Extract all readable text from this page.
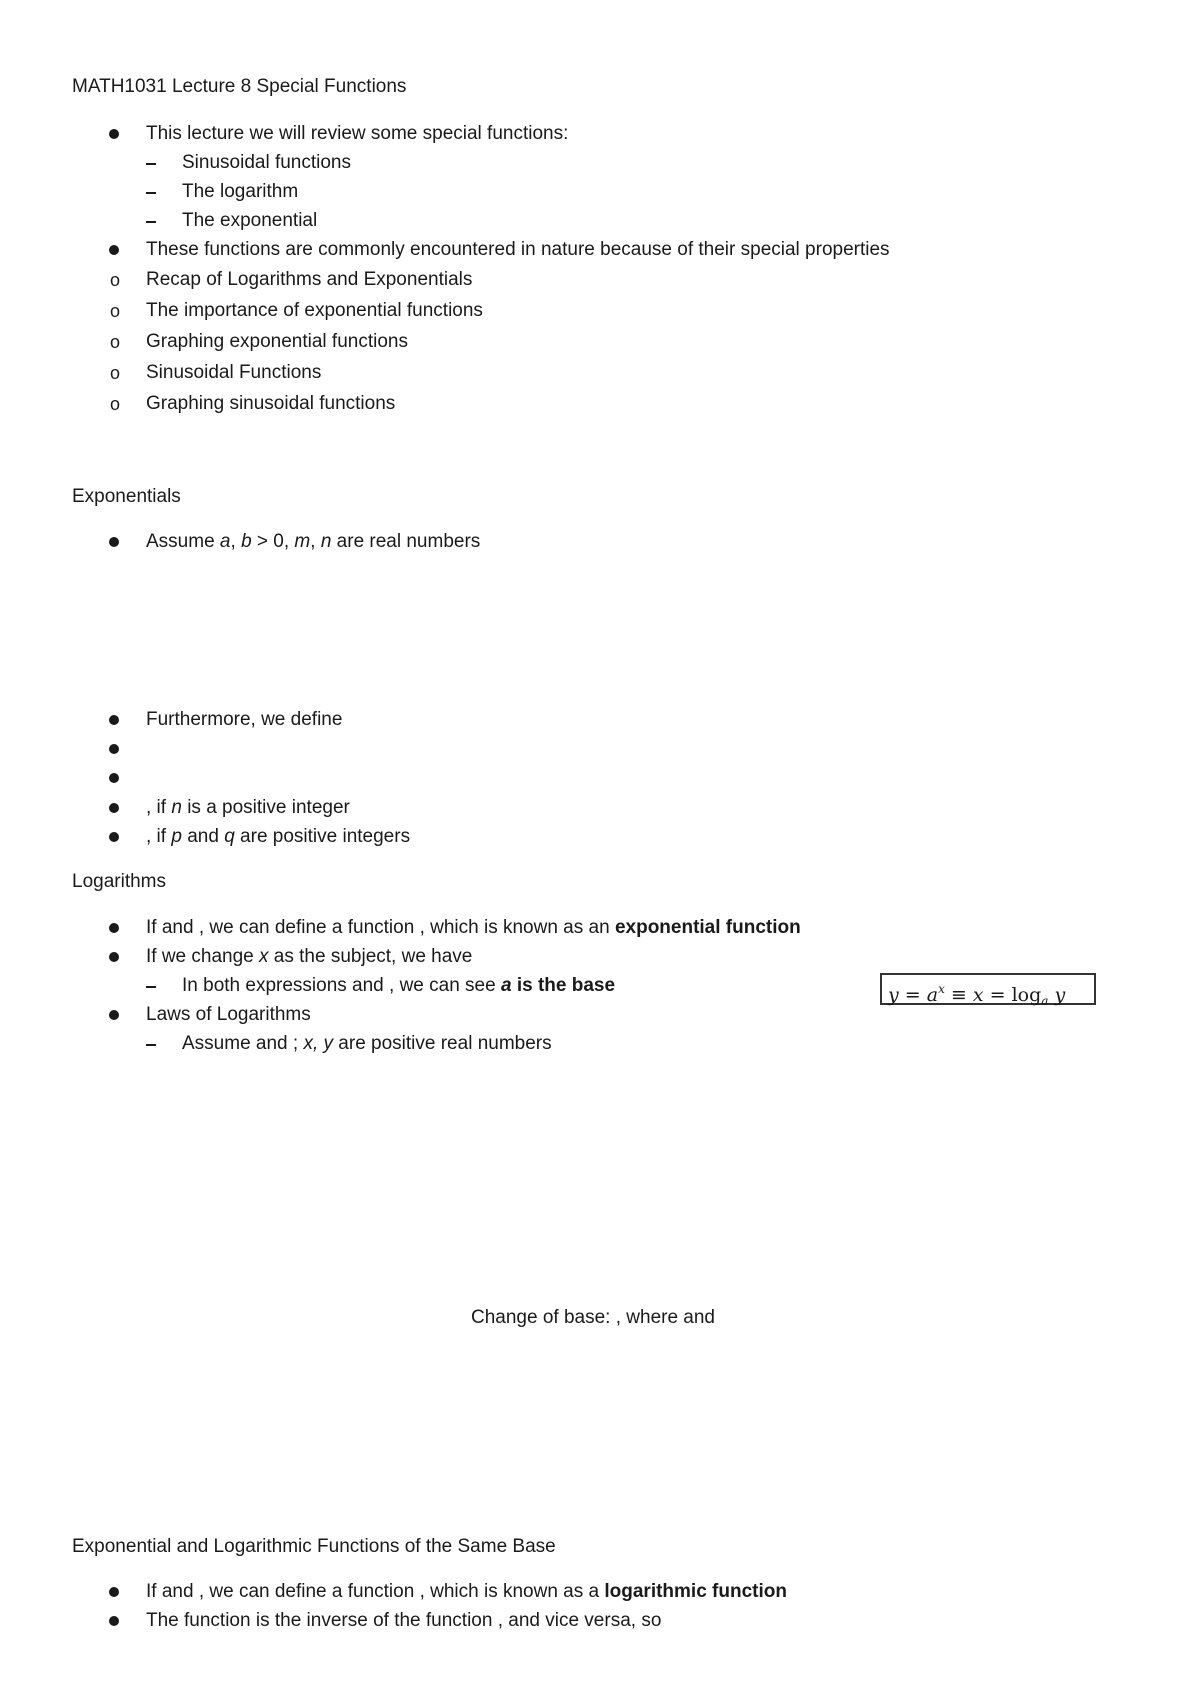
MATH1031 Lecture 8 Special Functions
This lecture we will review some special functions:
Sinusoidal functions
The logarithm
The exponential
These functions are commonly encountered in nature because of their special properties
o Recap of Logarithms and Exponentials
o The importance of exponential functions
o Graphing exponential functions
o Sinusoidal Functions
o Graphing sinusoidal functions
Exponentials
Assume a, b > 0, m, n are real numbers
Furthermore, we define
, if n is a positive integer
, if p and q are positive integers
Logarithms
If and , we can define a function , which is known as an exponential function
If we change x as the subject, we have
In both expressions and , we can see a is the base	$y = a^x \equiv x = \log_a y$
Laws of Logarithms
Assume and ; x, y are positive real numbers
Change of base: , where and
Exponential and Logarithmic Functions of the Same Base
If and , we can define a function , which is known as a logarithmic function
The function is the inverse of the function , and vice versa, so
